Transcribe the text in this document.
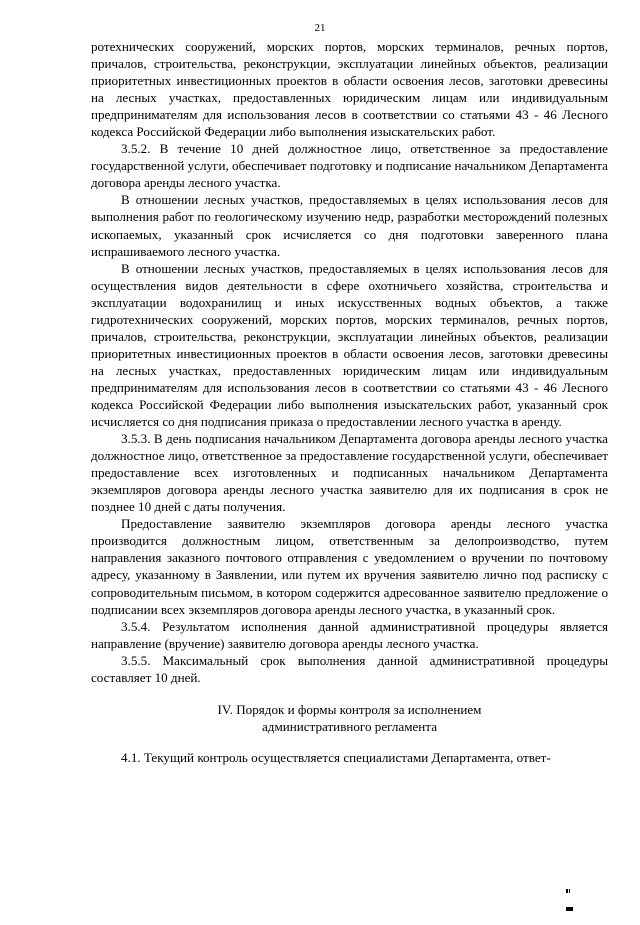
21

ротехнических сооружений, морских портов, морских терминалов, речных портов, причалов, строительства, реконструкции, эксплуатации линейных объектов, реализации приоритетных инвестиционных проектов в области освоения лесов, заготовки древесины на лесных участках, предоставленных юридическим лицам или индивидуальным предпринимателям для использования лесов в соответствии со статьями 43 - 46 Лесного кодекса Российской Федерации либо выполнения изыскательских работ.

3.5.2. В течение 10 дней должностное лицо, ответственное за предоставление государственной услуги, обеспечивает подготовку и подписание начальником Департамента договора аренды лесного участка.

В отношении лесных участков, предоставляемых в целях использования лесов для выполнения работ по геологическому изучению недр, разработки месторождений полезных ископаемых, указанный срок исчисляется со дня подготовки заверенного плана испрашиваемого лесного участка.

В отношении лесных участков, предоставляемых в целях использования лесов для осуществления видов деятельности в сфере охотничьего хозяйства, строительства и эксплуатации водохранилищ и иных искусственных водных объектов, а также гидротехнических сооружений, морских портов, морских терминалов, речных портов, причалов, строительства, реконструкции, эксплуатации линейных объектов, реализации приоритетных инвестиционных проектов в области освоения лесов, заготовки древесины на лесных участках, предоставленных юридическим лицам или индивидуальным предпринимателям для использования лесов в соответствии со статьями 43 - 46 Лесного кодекса Российской Федерации либо выполнения изыскательских работ, указанный срок исчисляется со дня подписания приказа о предоставлении лесного участка в аренду.

3.5.3. В день подписания начальником Департамента договора аренды лесного участка должностное лицо, ответственное за предоставление государственной услуги, обеспечивает предоставление всех изготовленных и подписанных начальником Департамента экземпляров договора аренды лесного участка заявителю для их подписания в срок не позднее 10 дней с даты получения.

Предоставление заявителю экземпляров договора аренды лесного участка производится должностным лицом, ответственным за делопроизводство, путем направления заказного почтового отправления с уведомлением о вручении по почтовому адресу, указанному в Заявлении, или путем их вручения заявителю лично под расписку с сопроводительным письмом, в котором содержится адресованное заявителю предложение о подписании всех экземпляров договора аренды лесного участка, в указанный срок.

3.5.4. Результатом исполнения данной административной процедуры является направление (вручение) заявителю договора аренды лесного участка.

3.5.5. Максимальный срок выполнения данной административной процедуры составляет 10 дней.

IV. Порядок и формы контроля за исполнением
административного регламента

4.1. Текущий контроль осуществляется специалистами Департамента, ответ-
